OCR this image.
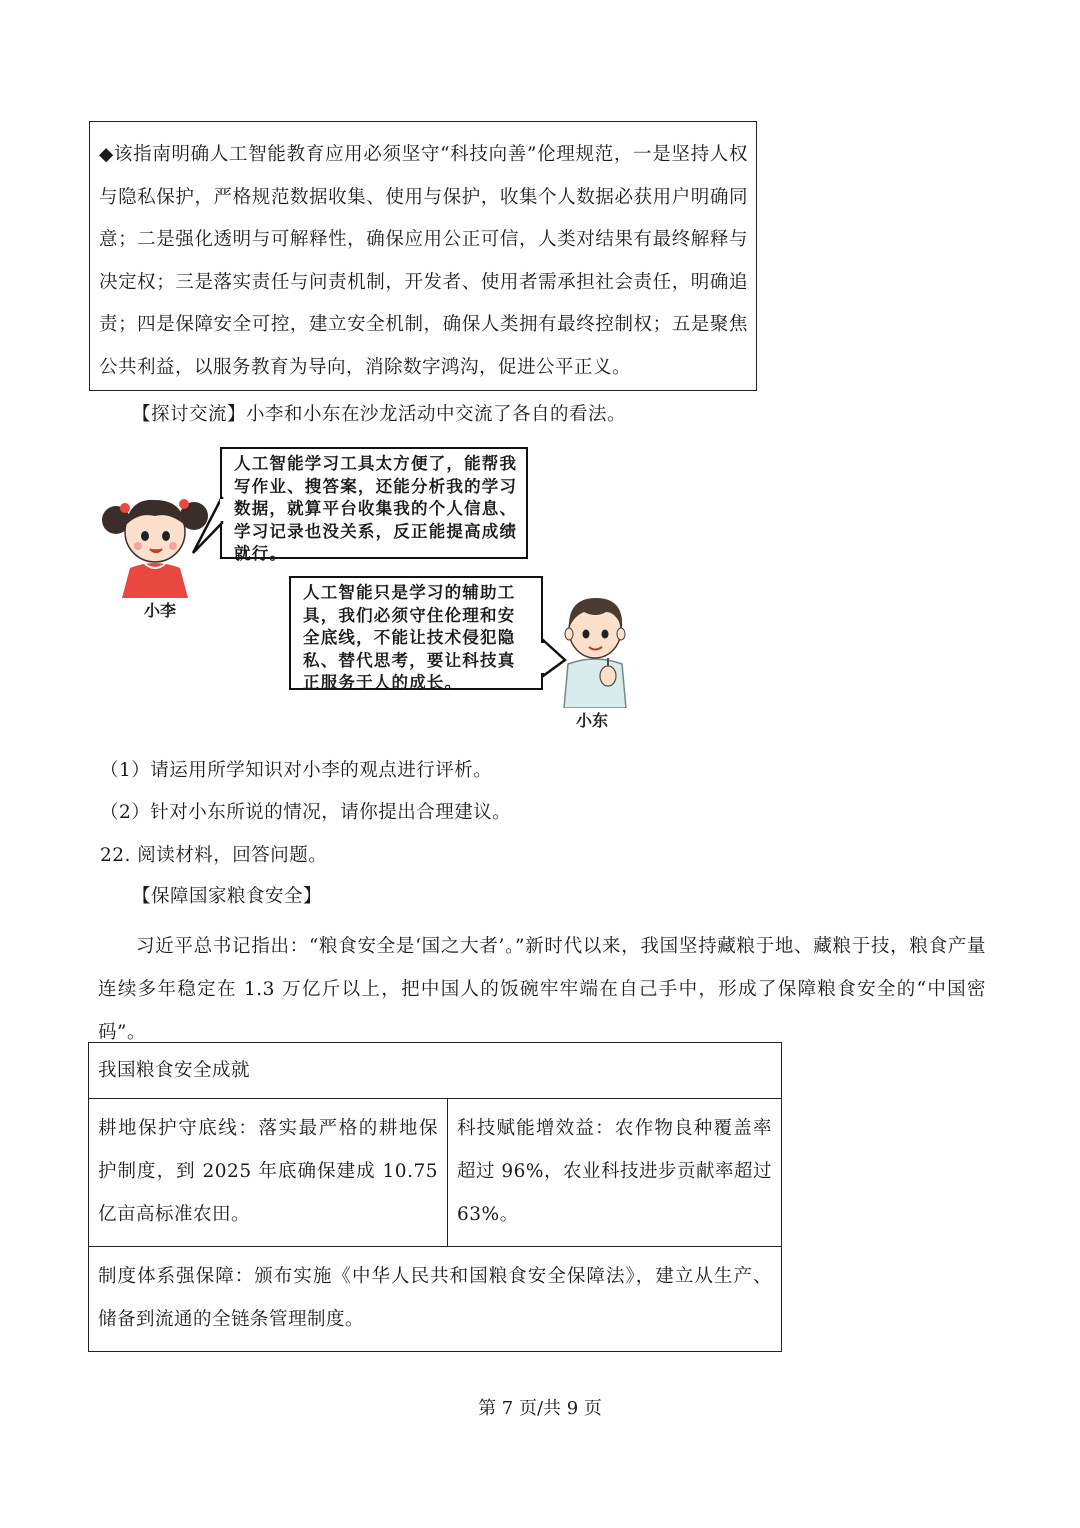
◆该指南明确人工智能教育应用必须坚守“科技向善”伦理规范，一是坚持人权与隐私保护，严格规范数据收集、使用与保护，收集个人数据必获用户明确同意；二是强化透明与可解释性，确保应用公正可信，人类对结果有最终解释与决定权；三是落实责任与问责机制，开发者、使用者需承担社会责任，明确追责；四是保障安全可控，建立安全机制，确保人类拥有最终控制权；五是聚焦公共利益，以服务教育为导向，消除数字鸿沟，促进公平正义。
【探讨交流】小李和小东在沙龙活动中交流了各自的看法。
人工智能学习工具太方便了，能帮我写作业、搜答案，还能分析我的学习数据，就算平台收集我的个人信息、学习记录也没关系，反正能提高成绩就行。
小李
人工智能只是学习的辅助工具，我们必须守住伦理和安全底线，不能让技术侵犯隐私、替代思考，要让科技真正服务于人的成长。
小东
（1）请运用所学知识对小李的观点进行评析。
（2）针对小东所说的情况，请你提出合理建议。
22. 阅读材料，回答问题。
【保障国家粮食安全】
习近平总书记指出：“粮食安全是‘国之大者’。”新时代以来，我国坚持藏粮于地、藏粮于技，粮食产量连续多年稳定在 1.3 万亿斤以上，把中国人的饭碗牢牢端在自己手中，形成了保障粮食安全的“中国密码”。
我国粮食安全成就
耕地保护守底线：落实最严格的耕地保护制度，到 2025 年底确保建成 10.75 亿亩高标准农田。	科技赋能增效益：农作物良种覆盖率超过 96%，农业科技进步贡献率超过 63%。
制度体系强保障：颁布实施《中华人民共和国粮食安全保障法》，建立从生产、储备到流通的全链条管理制度。
第 7 页/共 9 页
